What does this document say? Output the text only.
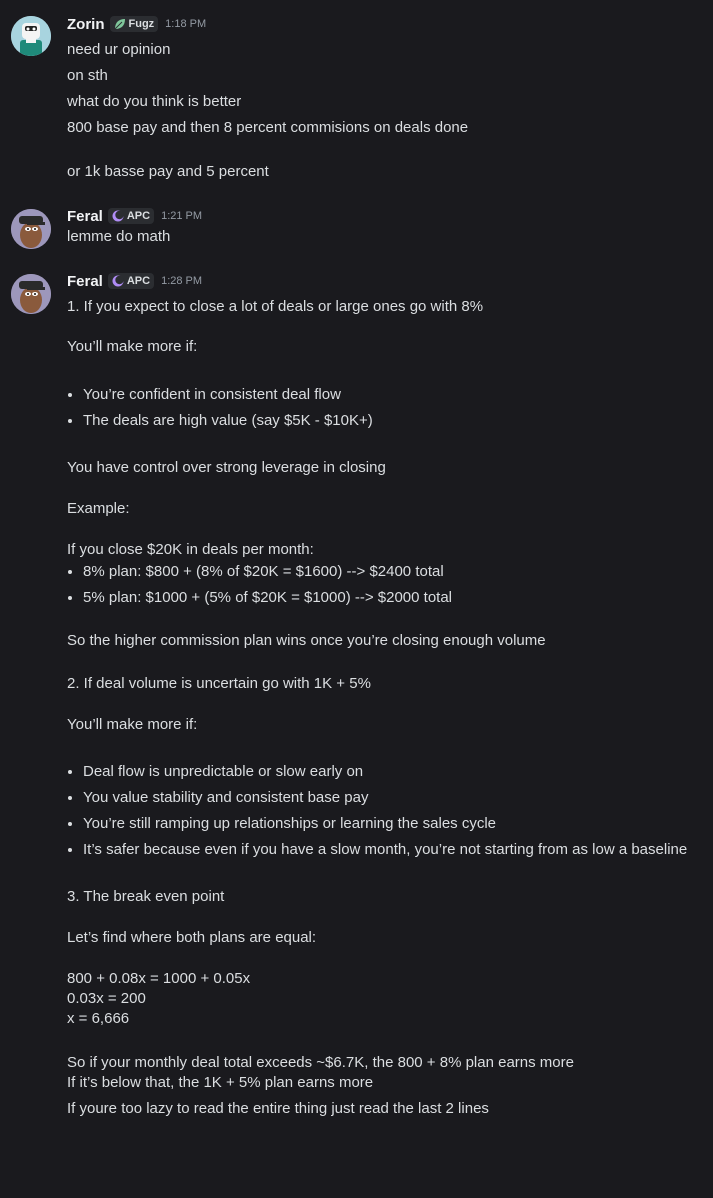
Zorin Fugz 1:18 PM
need ur opinion
on sth
what do you think is better
800 base pay and then 8 percent commisions on deals done
or 1k basse pay and 5 percent
Feral APC 1:21 PM
lemme do math
Feral APC 1:28 PM
1. If you expect to close a lot of deals or large ones go with 8%
You’ll make more if:
• You’re confident in consistent deal flow
• The deals are high value (say $5K - $10K+)
You have control over strong leverage in closing
Example:
If you close $20K in deals per month:
• 8% plan: $800 + (8% of $20K = $1600) --> $2400 total
• 5% plan: $1000 + (5% of $20K = $1000) --> $2000 total
So the higher commission plan wins once you’re closing enough volume
2. If deal volume is uncertain go with 1K + 5%
You’ll make more if:
• Deal flow is unpredictable or slow early on
• You value stability and consistent base pay
• You’re still ramping up relationships or learning the sales cycle
• It’s safer because even if you have a slow month, you’re not starting from as low a baseline
3. The break even point
Let’s find where both plans are equal:
800 + 0.08x = 1000 + 0.05x
0.03x = 200
x = 6,666
So if your monthly deal total exceeds ~$6.7K, the 800 + 8% plan earns more
If it’s below that, the 1K + 5% plan earns more
If youre too lazy to read the entire thing just read the last 2 lines
